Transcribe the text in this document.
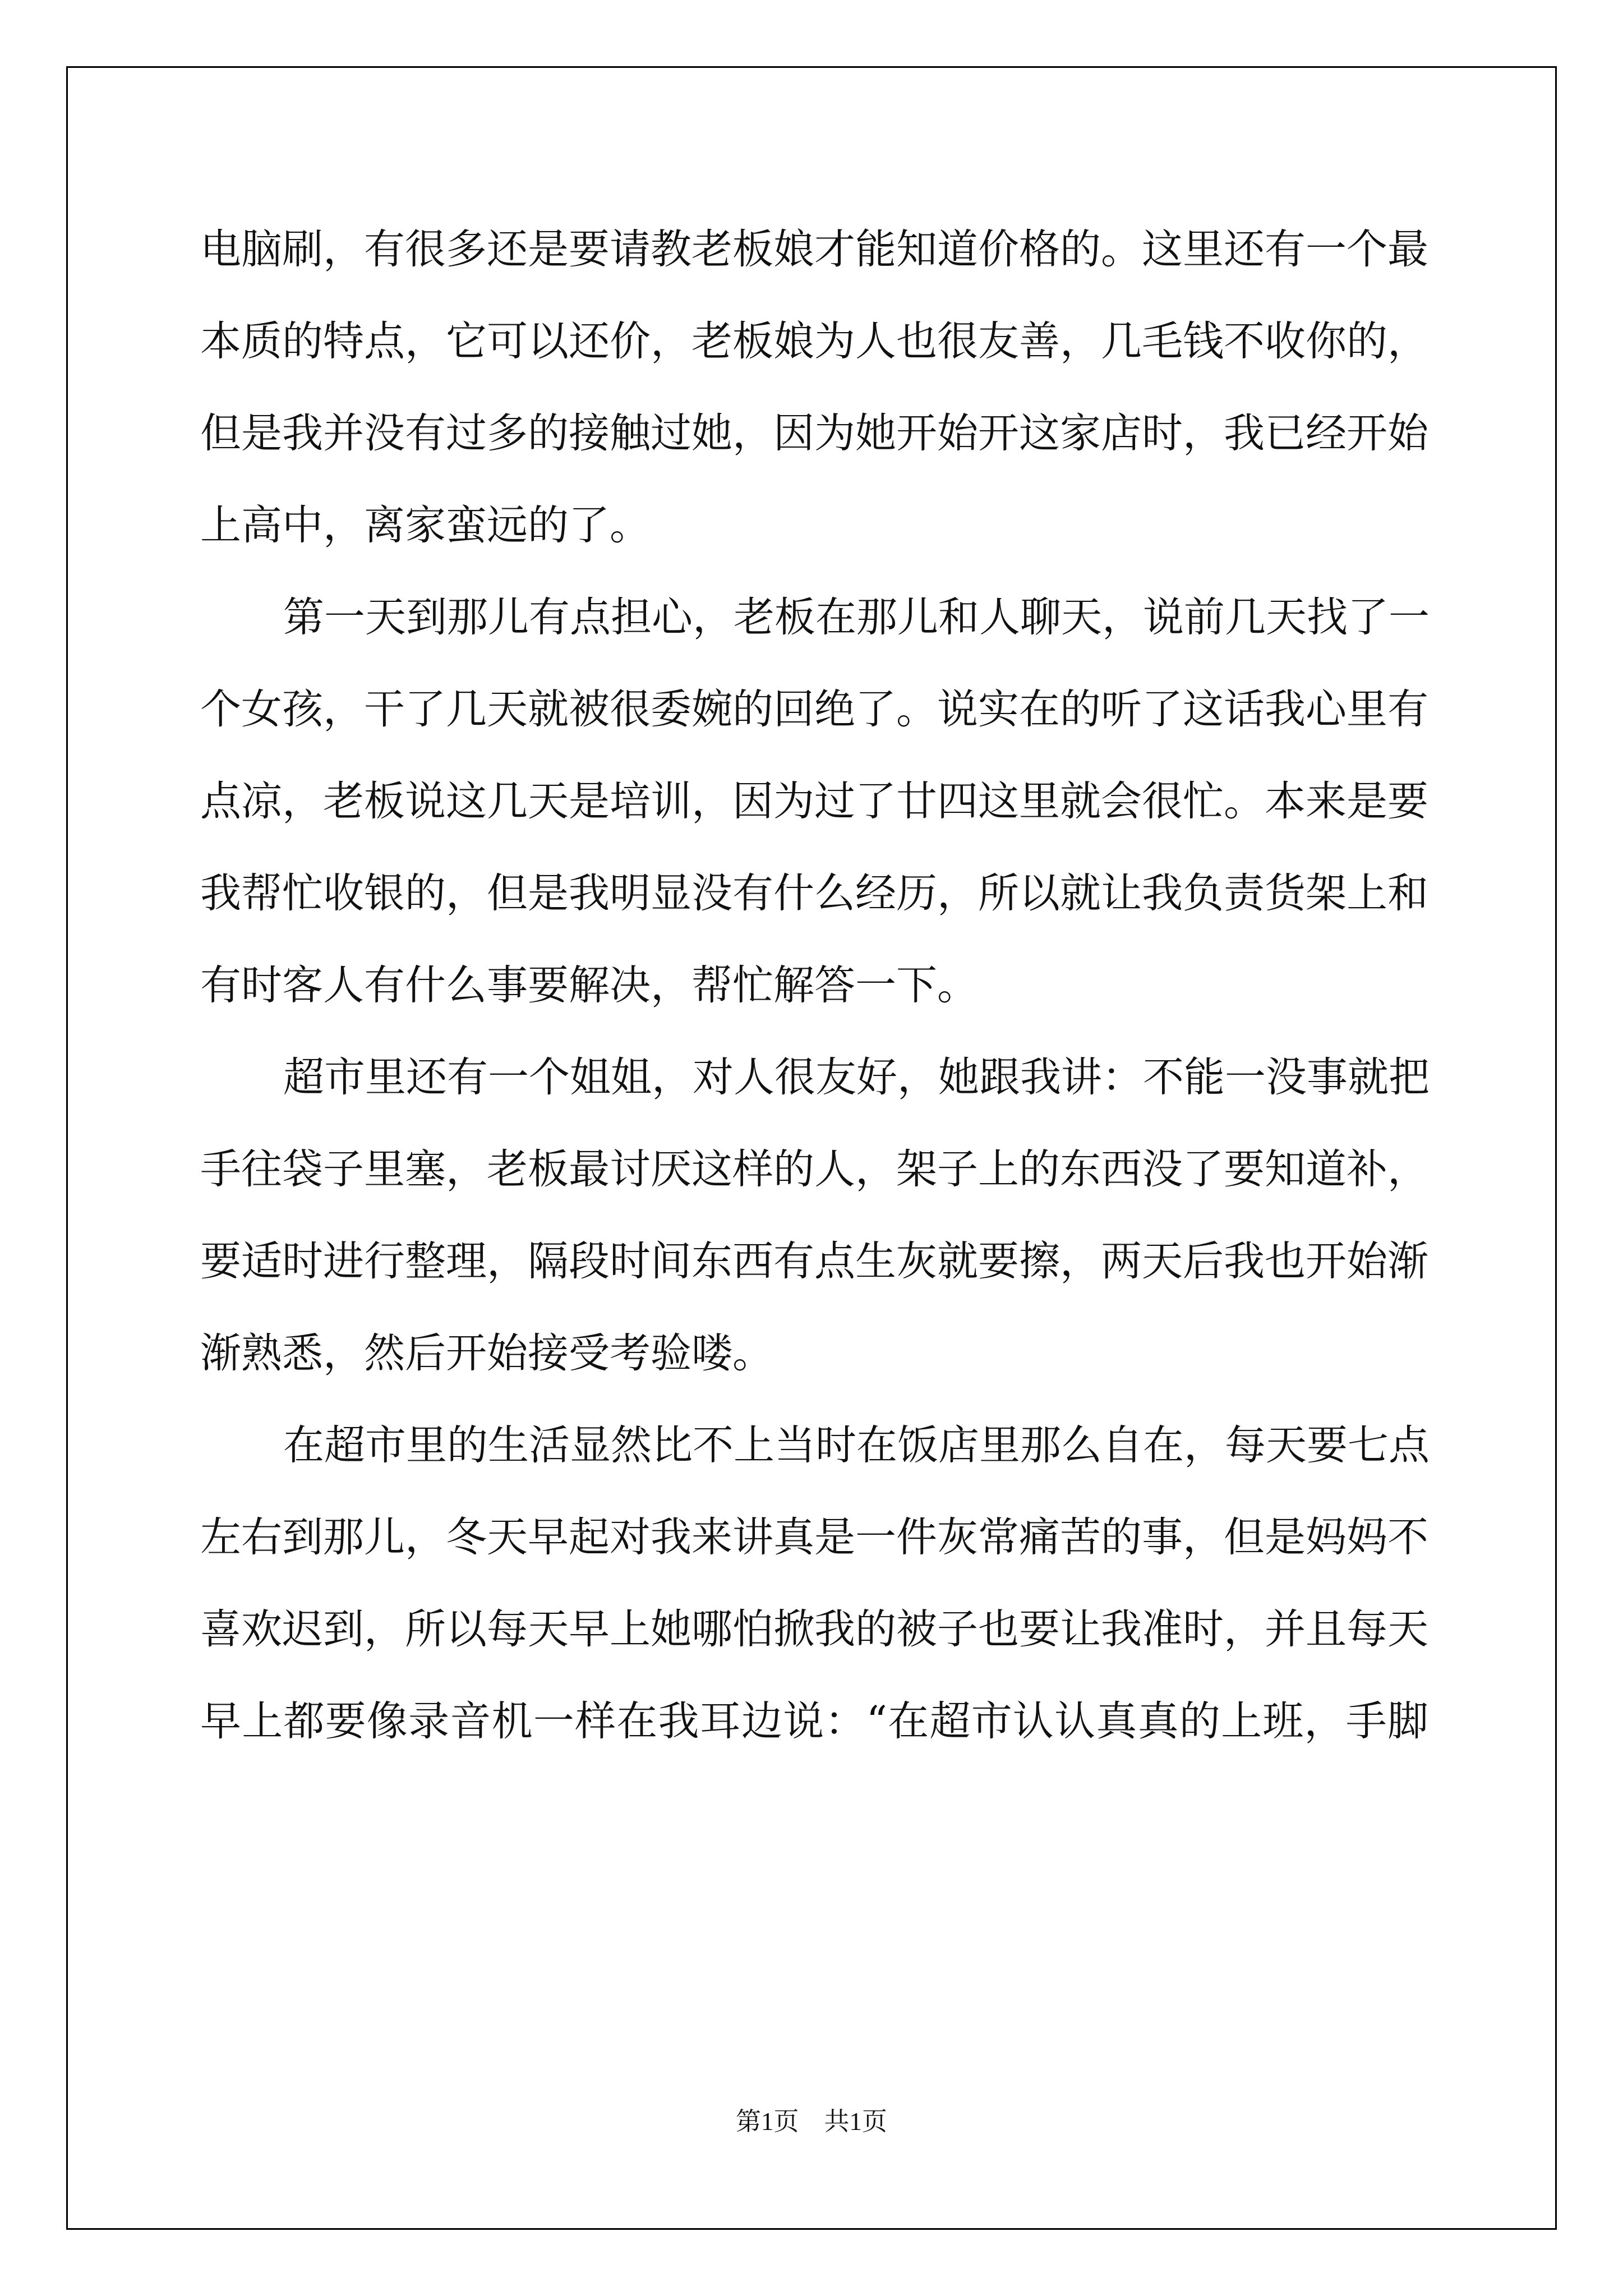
电脑刷，有很多还是要请教老板娘才能知道价格的。这里还有一个最
本质的特点，它可以还价，老板娘为人也很友善，几毛钱不收你的，
但是我并没有过多的接触过她，因为她开始开这家店时，我已经开始
上高中，离家蛮远的了。
第一天到那儿有点担心，老板在那儿和人聊天，说前几天找了一
个女孩，干了几天就被很委婉的回绝了。说实在的听了这话我心里有
点凉，老板说这几天是培训，因为过了廿四这里就会很忙。本来是要
我帮忙收银的，但是我明显没有什么经历，所以就让我负责货架上和
有时客人有什么事要解决，帮忙解答一下。
超市里还有一个姐姐，对人很友好，她跟我讲：不能一没事就把
手往袋子里塞，老板最讨厌这样的人，架子上的东西没了要知道补，
要适时进行整理，隔段时间东西有点生灰就要擦，两天后我也开始渐
渐熟悉，然后开始接受考验喽。
在超市里的生活显然比不上当时在饭店里那么自在，每天要七点
左右到那儿，冬天早起对我来讲真是一件灰常痛苦的事，但是妈妈不
喜欢迟到，所以每天早上她哪怕掀我的被子也要让我准时，并且每天
早上都要像录音机一样在我耳边说：“在超市认认真真的上班，手脚
第1页　共1页
